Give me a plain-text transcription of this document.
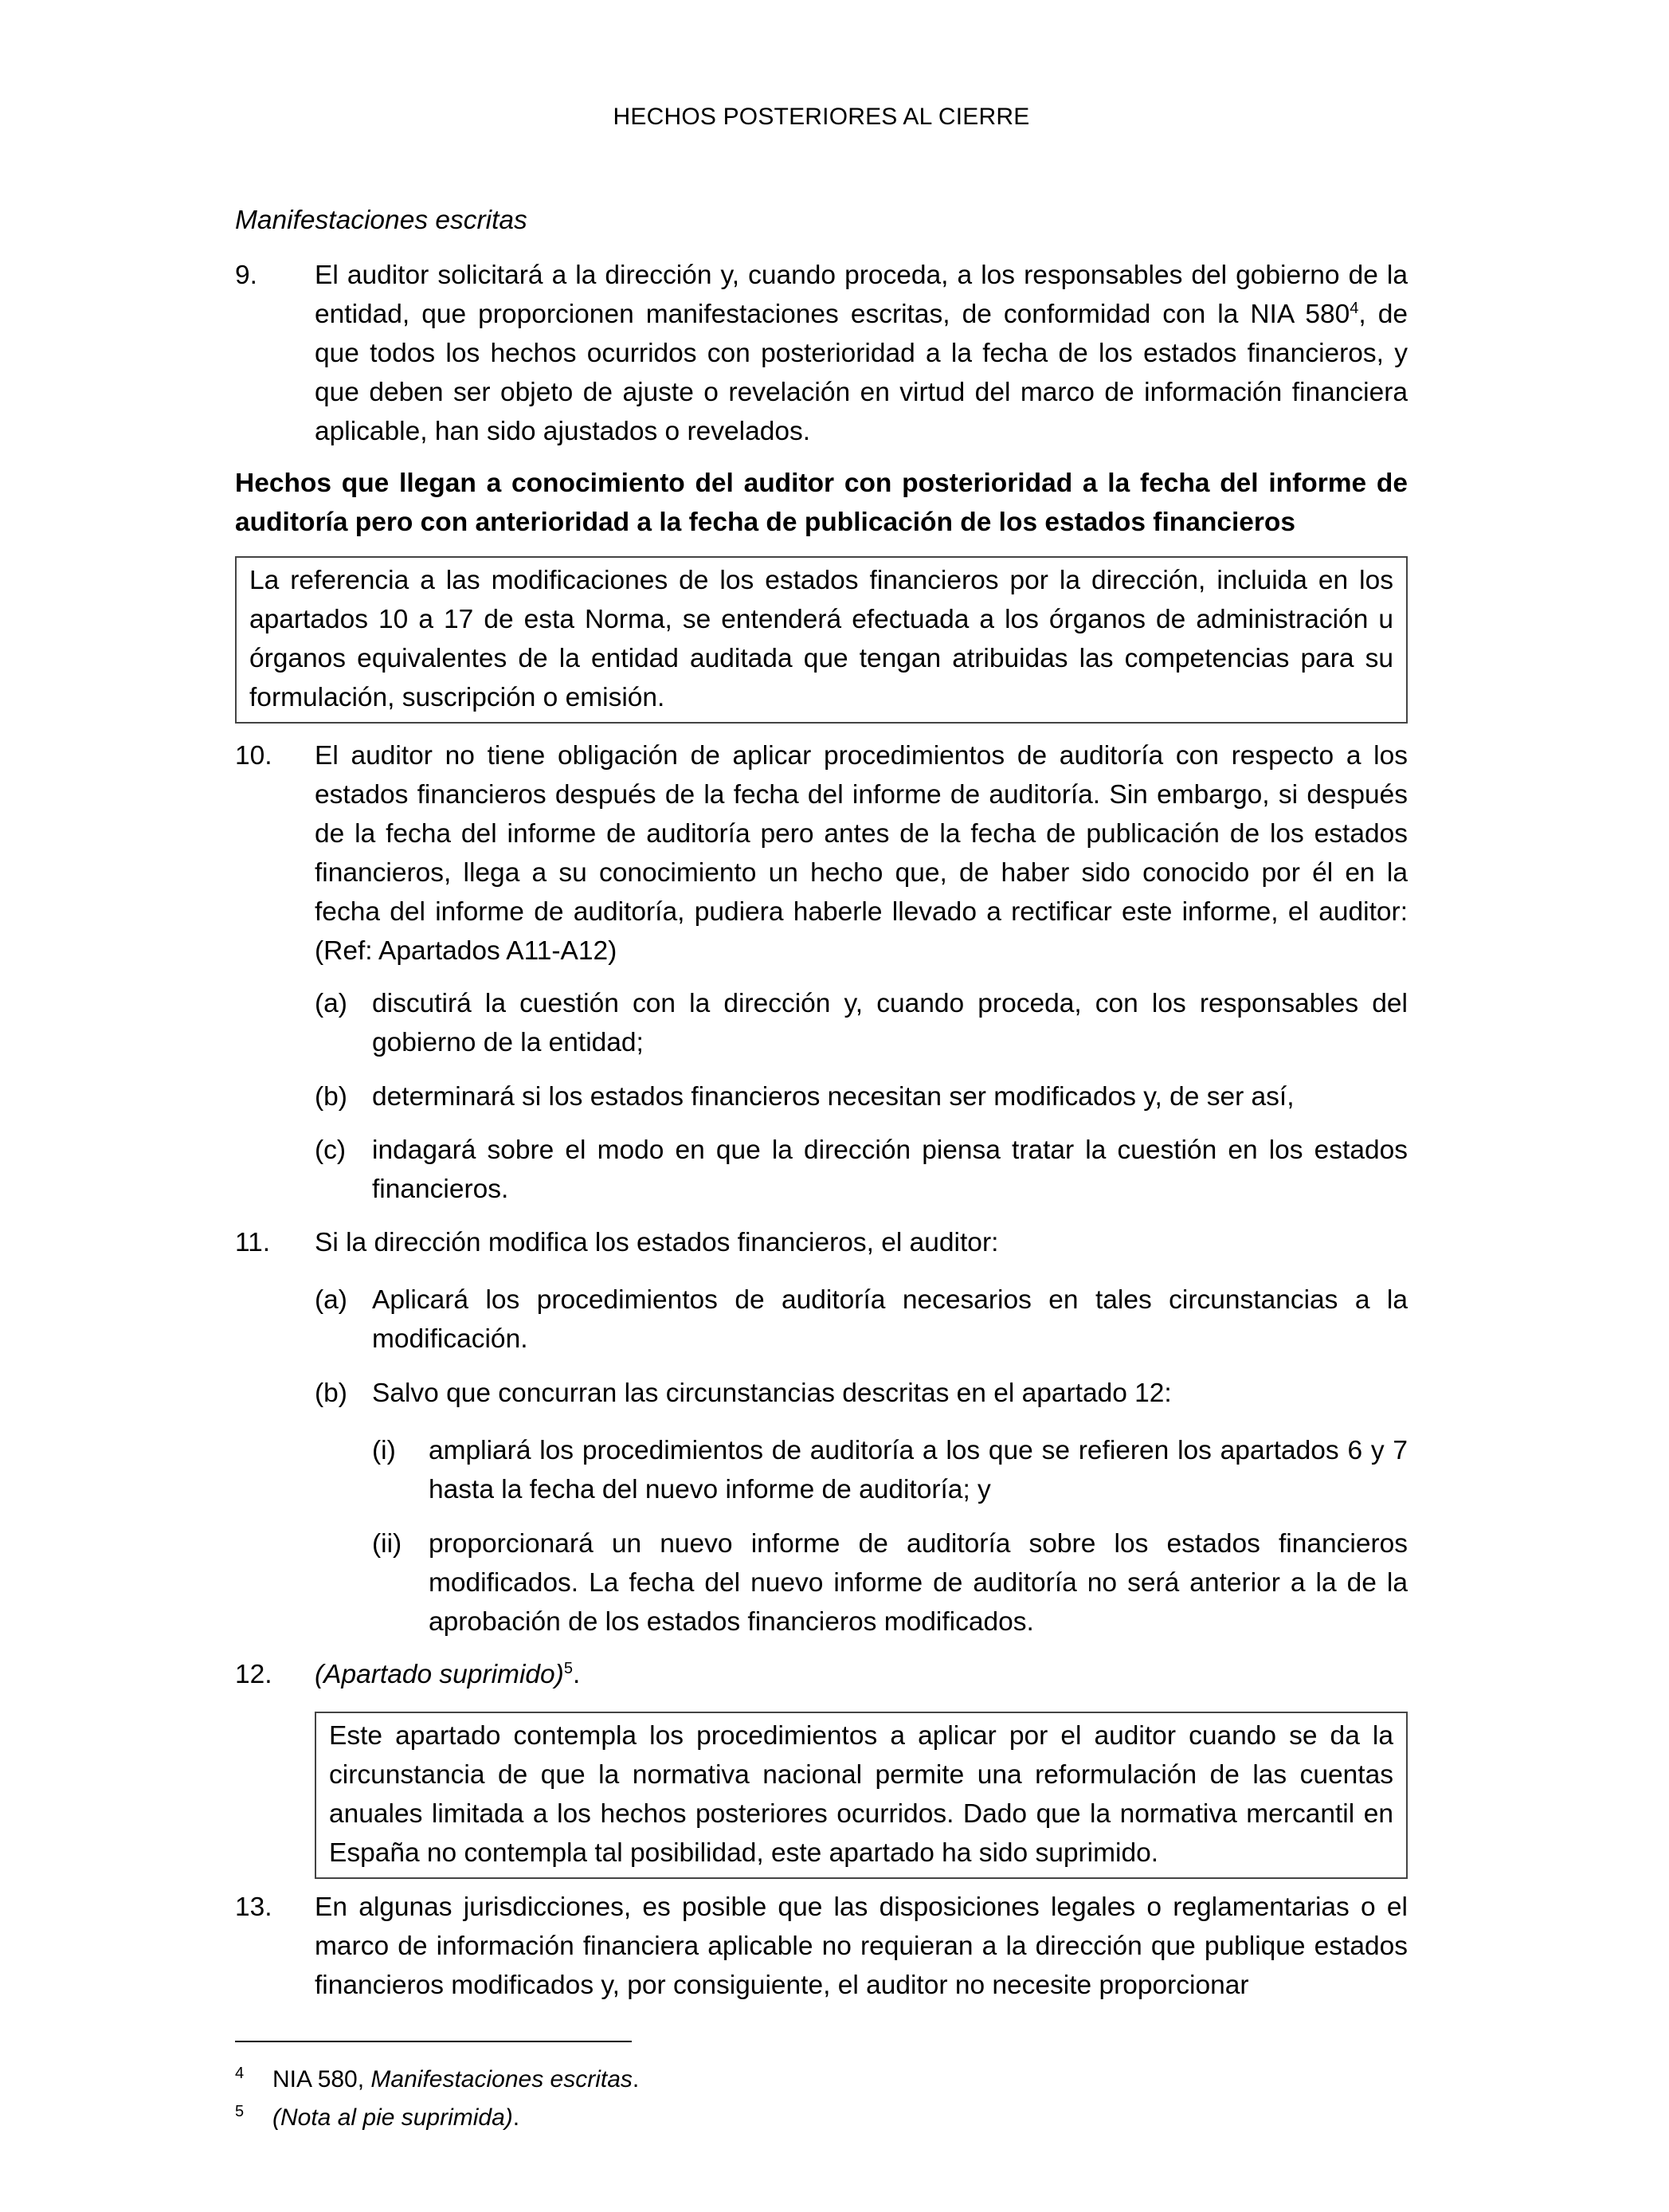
HECHOS POSTERIORES AL CIERRE
Manifestaciones escritas
9. El auditor solicitará a la dirección y, cuando proceda, a los responsables del gobierno de la entidad, que proporcionen manifestaciones escritas, de conformidad con la NIA $580^4$, de que todos los hechos ocurridos con posterioridad a la fecha de los estados financieros, y que deben ser objeto de ajuste o revelación en virtud del marco de información financiera aplicable, han sido ajustados o revelados.
Hechos que llegan a conocimiento del auditor con posterioridad a la fecha del informe de auditoría pero con anterioridad a la fecha de publicación de los estados financieros
La referencia a las modificaciones de los estados financieros por la dirección, incluida en los apartados 10 a 17 de esta Norma, se entenderá efectuada a los órganos de administración u órganos equivalentes de la entidad auditada que tengan atribuidas las competencias para su formulación, suscripción o emisión.
10. El auditor no tiene obligación de aplicar procedimientos de auditoría con respecto a los estados financieros después de la fecha del informe de auditoría. Sin embargo, si después de la fecha del informe de auditoría pero antes de la fecha de publicación de los estados financieros, llega a su conocimiento un hecho que, de haber sido conocido por él en la fecha del informe de auditoría, pudiera haberle llevado a rectificar este informe, el auditor: (Ref: Apartados A11-A12)
(a) discutirá la cuestión con la dirección y, cuando proceda, con los responsables del gobierno de la entidad;
(b) determinará si los estados financieros necesitan ser modificados y, de ser así,
(c) indagará sobre el modo en que la dirección piensa tratar la cuestión en los estados financieros.
11. Si la dirección modifica los estados financieros, el auditor:
(a) Aplicará los procedimientos de auditoría necesarios en tales circunstancias a la modificación.
(b) Salvo que concurran las circunstancias descritas en el apartado 12:
(i) ampliará los procedimientos de auditoría a los que se refieren los apartados 6 y 7 hasta la fecha del nuevo informe de auditoría; y
(ii) proporcionará un nuevo informe de auditoría sobre los estados financieros modificados. La fecha del nuevo informe de auditoría no será anterior a la de la aprobación de los estados financieros modificados.
12. (Apartado suprimido)$^5$.
Este apartado contempla los procedimientos a aplicar por el auditor cuando se da la circunstancia de que la normativa nacional permite una reformulación de las cuentas anuales limitada a los hechos posteriores ocurridos. Dado que la normativa mercantil en España no contempla tal posibilidad, este apartado ha sido suprimido.
13. En algunas jurisdicciones, es posible que las disposiciones legales o reglamentarias o el marco de información financiera aplicable no requieran a la dirección que publique estados financieros modificados y, por consiguiente, el auditor no necesite proporcionar
4 NIA 580, Manifestaciones escritas.
5 (Nota al pie suprimida).
